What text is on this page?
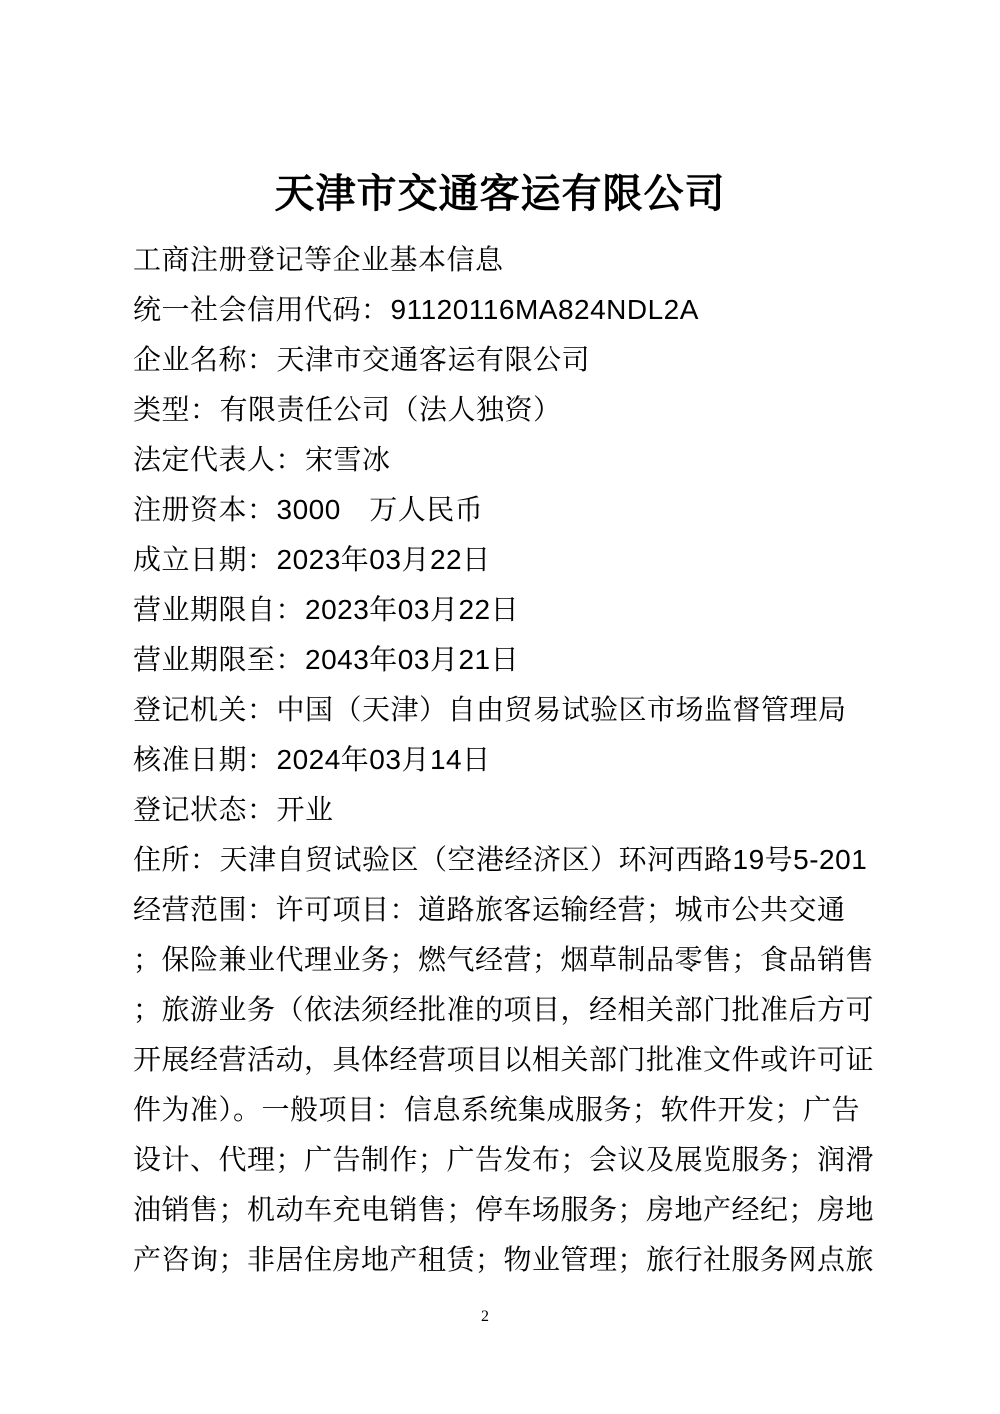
天津市交通客运有限公司
工商注册登记等企业基本信息
统一社会信用代码：91120116MA824NDL2A
企业名称：天津市交通客运有限公司
类型：有限责任公司（法人独资）
法定代表人：宋雪冰
注册资本：3000　万人民币
成立日期：2023年03月22日
营业期限自：2023年03月22日
营业期限至：2043年03月21日
登记机关：中国（天津）自由贸易试验区市场监督管理局
核准日期：2024年03月14日
登记状态：开业
住所：天津自贸试验区（空港经济区）环河西路19号5-201
经营范围：许可项目：道路旅客运输经营；城市公共交通
；保险兼业代理业务；燃气经营；烟草制品零售；食品销售
；旅游业务（依法须经批准的项目，经相关部门批准后方可
开展经营活动，具体经营项目以相关部门批准文件或许可证
件为准）。一般项目：信息系统集成服务；软件开发；广告
设计、代理；广告制作；广告发布；会议及展览服务；润滑
油销售；机动车充电销售；停车场服务；房地产经纪；房地
产咨询；非居住房地产租赁；物业管理；旅行社服务网点旅
2
